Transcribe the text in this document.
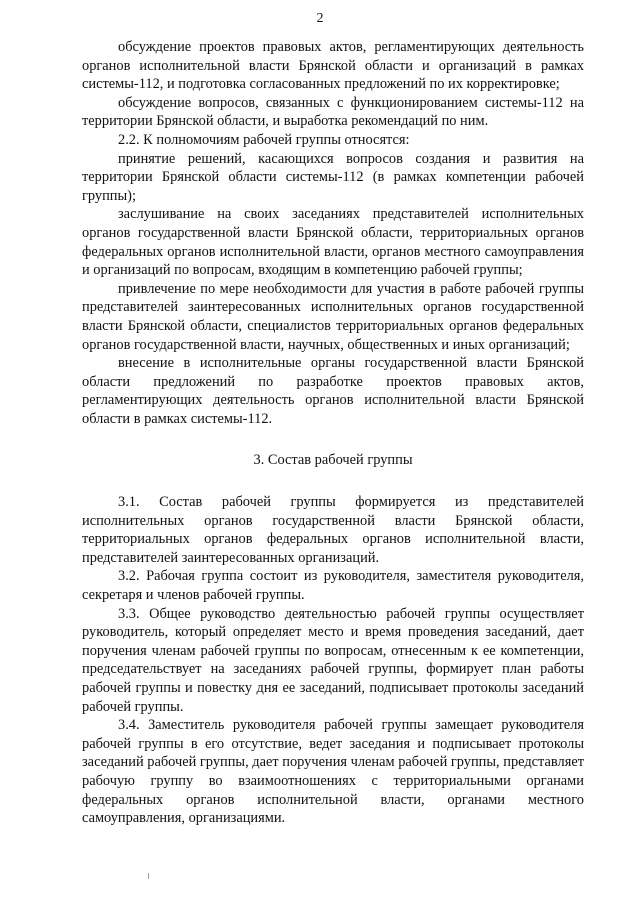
2

обсуждение проектов правовых актов, регламентирующих деятельность органов исполнительной власти Брянской области и организаций в рамках системы-112, и подготовка согласованных предложений по их корректировке;

обсуждение вопросов, связанных с функционированием системы-112 на территории Брянской области, и выработка рекомендаций по ним.

2.2. К полномочиям рабочей группы относятся:

принятие решений, касающихся вопросов создания и развития на территории Брянской области системы-112 (в рамках компетенции рабочей группы);

заслушивание на своих заседаниях представителей исполнительных органов государственной власти Брянской области, территориальных органов федеральных органов исполнительной власти, органов местного самоуправления и организаций по вопросам, входящим в компетенцию рабочей группы;

привлечение по мере необходимости для участия в работе рабочей группы представителей заинтересованных исполнительных органов государственной власти Брянской области, специалистов территориальных органов федеральных органов государственной власти, научных, общественных и иных организаций;

внесение в исполнительные органы государственной власти Брянской области предложений по разработке проектов правовых актов, регламентирующих деятельность органов исполнительной власти Брянской области в рамках системы-112.

3. Состав рабочей группы

3.1. Состав рабочей группы формируется из представителей исполнительных органов государственной власти Брянской области, территориальных органов федеральных органов исполнительной власти, представителей заинтересованных организаций.

3.2. Рабочая группа состоит из руководителя, заместителя руководителя, секретаря и членов рабочей группы.

3.3. Общее руководство деятельностью рабочей группы осуществляет руководитель, который определяет место и время проведения заседаний, дает поручения членам рабочей группы по вопросам, отнесенным к ее компетенции, председательствует на заседаниях рабочей группы, формирует план работы рабочей группы и повестку дня ее заседаний, подписывает протоколы заседаний рабочей группы.

3.4. Заместитель руководителя рабочей группы замещает руководителя рабочей группы в его отсутствие, ведет заседания и подписывает протоколы заседаний рабочей группы, дает поручения членам рабочей группы, представляет рабочую группу во взаимоотношениях с территориальными органами федеральных органов исполнительной власти, органами местного самоуправления, организациями.
